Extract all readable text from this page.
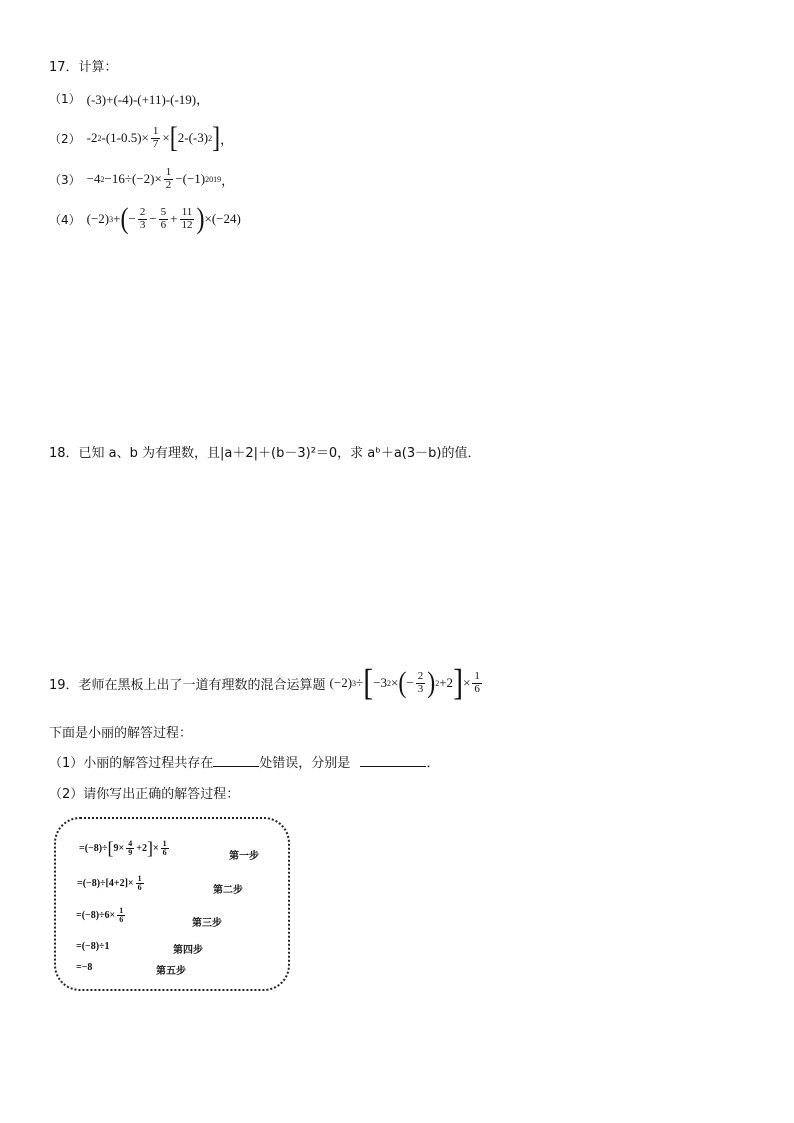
17．计算：
（1） (-3)+(-4)-(+11)-(-19)，
（2） -2 2 $-(1-0.5)\times \frac{1}{7}$ × [ 2-(-3) 2 ] ，
（3） −4 $2 -16\div(-2)\times \frac{1}{2} -(-1)$ 2019 ，
（4） (−2) 3 + ( − $\frac{2}{3} - \frac{5}{6} + \frac{11}{12}$ ) ×(−24)
18．已知 a、b 为有理数，且|a＋2|＋(b－3)²＝0，求 aᵇ＋a(3－b)的值．
19．老师在黑板上出了一道有理数的混合运算题 (−2) 3 ÷ [ −3 2 × ( − $\frac{2}{3}$ ) 2 +2 ] × $\frac{1}{6}$
下面是小丽的解答过程：
（1）小丽的解答过程共存在	处错误，分别是	．
（2）请你写出正确的解答过程：
=(−8)÷ [ $9\times \frac{4}{9} +2$ ] × $\frac{1}{6}$	第一步
$=(-8)\div[4+2]\times \frac{1}{6}$	第二步
$=(-8)\div 6\times \frac{1}{6}$	第三步
=(−8)÷1	第四步
=−8	第五步
